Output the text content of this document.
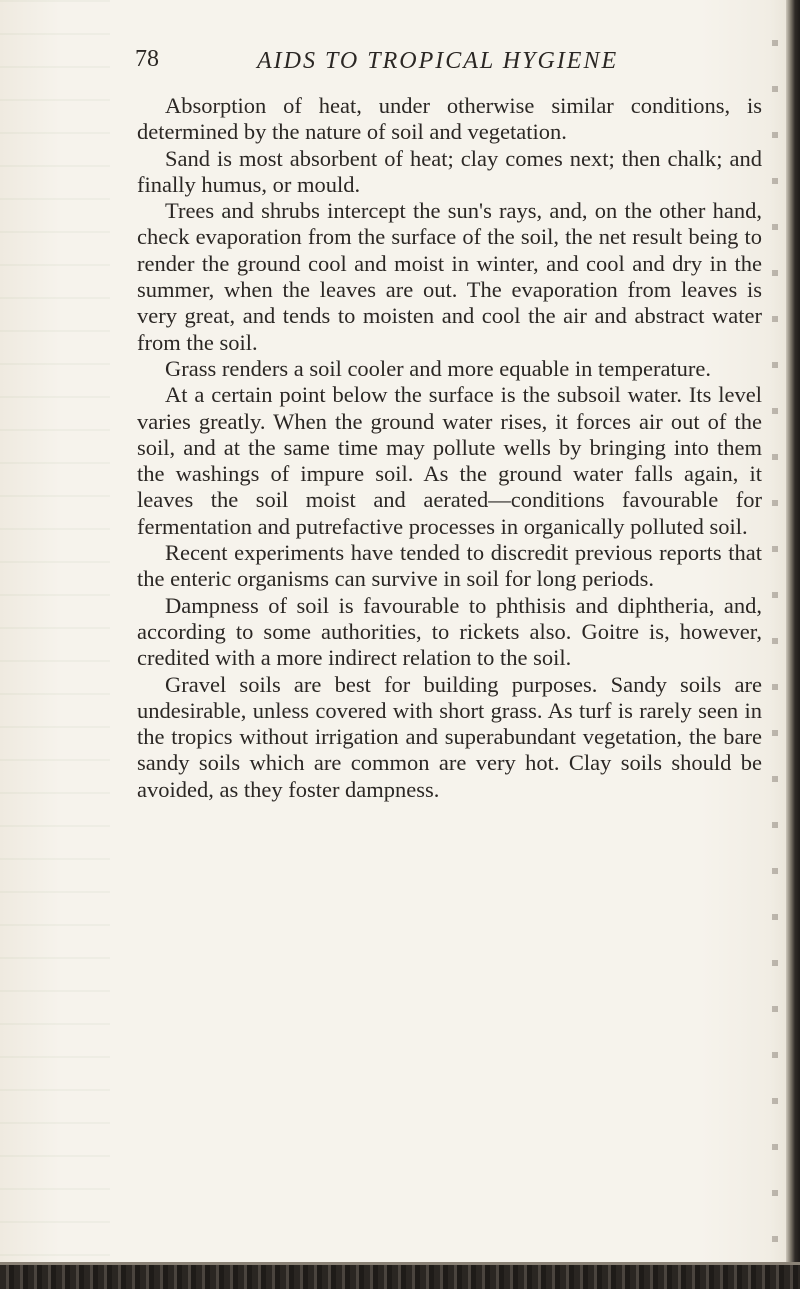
78	AIDS TO TROPICAL HYGIENE

Absorption of heat, under otherwise similar conditions, is determined by the nature of soil and vegetation.

Sand is most absorbent of heat; clay comes next; then chalk; and finally humus, or mould.

Trees and shrubs intercept the sun's rays, and, on the other hand, check evaporation from the surface of the soil, the net result being to render the ground cool and moist in winter, and cool and dry in the summer, when the leaves are out. The evaporation from leaves is very great, and tends to moisten and cool the air and abstract water from the soil.

Grass renders a soil cooler and more equable in temperature.

At a certain point below the surface is the subsoil water. Its level varies greatly. When the ground water rises, it forces air out of the soil, and at the same time may pollute wells by bringing into them the washings of impure soil. As the ground water falls again, it leaves the soil moist and aerated—conditions favourable for fermentation and putrefactive processes in organically polluted soil.

Recent experiments have tended to discredit previous reports that the enteric organisms can survive in soil for long periods.

Dampness of soil is favourable to phthisis and diphtheria, and, according to some authorities, to rickets also. Goitre is, however, credited with a more indirect relation to the soil.

Gravel soils are best for building purposes. Sandy soils are undesirable, unless covered with short grass. As turf is rarely seen in the tropics without irrigation and superabundant vegetation, the bare sandy soils which are common are very hot. Clay soils should be avoided, as they foster dampness.
